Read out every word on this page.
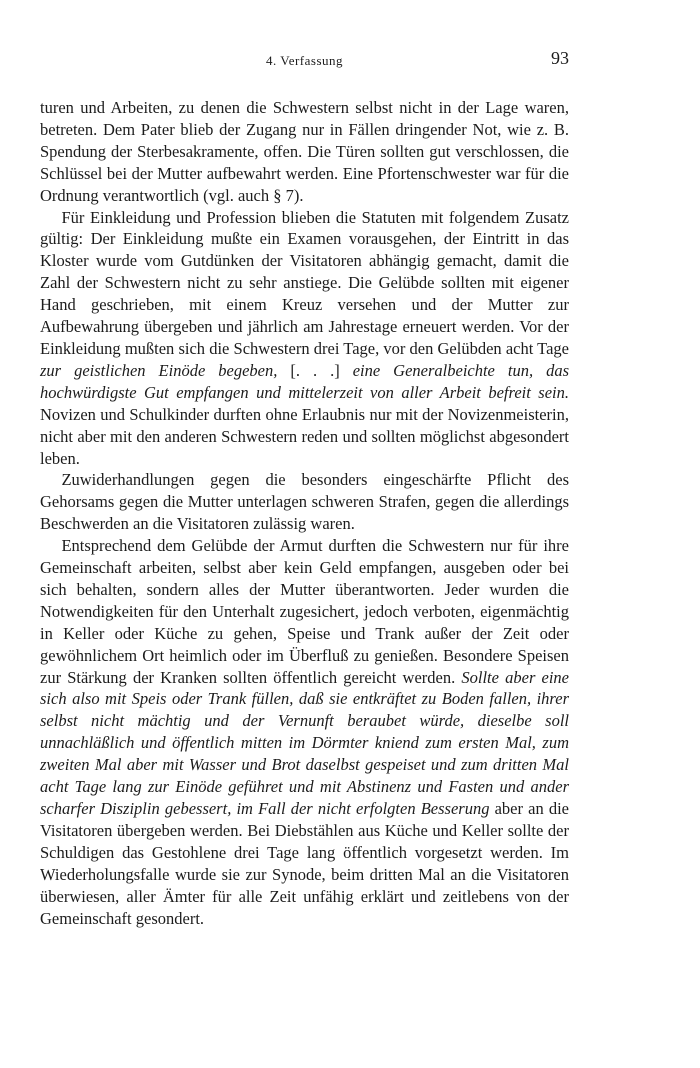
4. Verfassung	93

turen und Arbeiten, zu denen die Schwestern selbst nicht in der Lage waren, betreten. Dem Pater blieb der Zugang nur in Fällen dringender Not, wie z. B. Spendung der Sterbesakramente, offen. Die Türen sollten gut verschlossen, die Schlüssel bei der Mutter aufbewahrt werden. Eine Pfortenschwester war für die Ordnung verantwortlich (vgl. auch § 7).

Für Einkleidung und Profession blieben die Statuten mit folgendem Zusatz gültig: Der Einkleidung mußte ein Examen vorausgehen, der Eintritt in das Kloster wurde vom Gutdünken der Visitatoren abhängig gemacht, damit die Zahl der Schwestern nicht zu sehr anstiege. Die Gelübde sollten mit eigener Hand geschrieben, mit einem Kreuz versehen und der Mutter zur Aufbewahrung übergeben und jährlich am Jahrestage erneuert werden. Vor der Einkleidung mußten sich die Schwestern drei Tage, vor den Gelübden acht Tage zur geistlichen Einöde begeben, [. . .] eine Generalbeichte tun, das hochwürdigste Gut empfangen und mittelerzeit von aller Arbeit befreit sein. Novizen und Schulkinder durften ohne Erlaubnis nur mit der Novizenmeisterin, nicht aber mit den anderen Schwestern reden und sollten möglichst abgesondert leben.

Zuwiderhandlungen gegen die besonders eingeschärfte Pflicht des Gehorsams gegen die Mutter unterlagen schweren Strafen, gegen die allerdings Beschwerden an die Visitatoren zulässig waren.

Entsprechend dem Gelübde der Armut durften die Schwestern nur für ihre Gemeinschaft arbeiten, selbst aber kein Geld empfangen, ausgeben oder bei sich behalten, sondern alles der Mutter überantworten. Jeder wurden die Notwendigkeiten für den Unterhalt zugesichert, jedoch verboten, eigenmächtig in Keller oder Küche zu gehen, Speise und Trank außer der Zeit oder gewöhnlichem Ort heimlich oder im Überfluß zu genießen. Besondere Speisen zur Stärkung der Kranken sollten öffentlich gereicht werden. Sollte aber eine sich also mit Speis oder Trank füllen, daß sie entkräftet zu Boden fallen, ihrer selbst nicht mächtig und der Vernunft beraubet würde, dieselbe soll unnachläßlich und öffentlich mitten im Dörmter kniend zum ersten Mal, zum zweiten Mal aber mit Wasser und Brot daselbst gespeiset und zum dritten Mal acht Tage lang zur Einöde geführet und mit Abstinenz und Fasten und ander scharfer Disziplin gebessert, im Fall der nicht erfolgten Besserung aber an die Visitatoren übergeben werden. Bei Diebstählen aus Küche und Keller sollte der Schuldigen das Gestohlene drei Tage lang öffentlich vorgesetzt werden. Im Wiederholungsfalle wurde sie zur Synode, beim dritten Mal an die Visitatoren überwiesen, aller Ämter für alle Zeit unfähig erklärt und zeitlebens von der Gemeinschaft gesondert.
